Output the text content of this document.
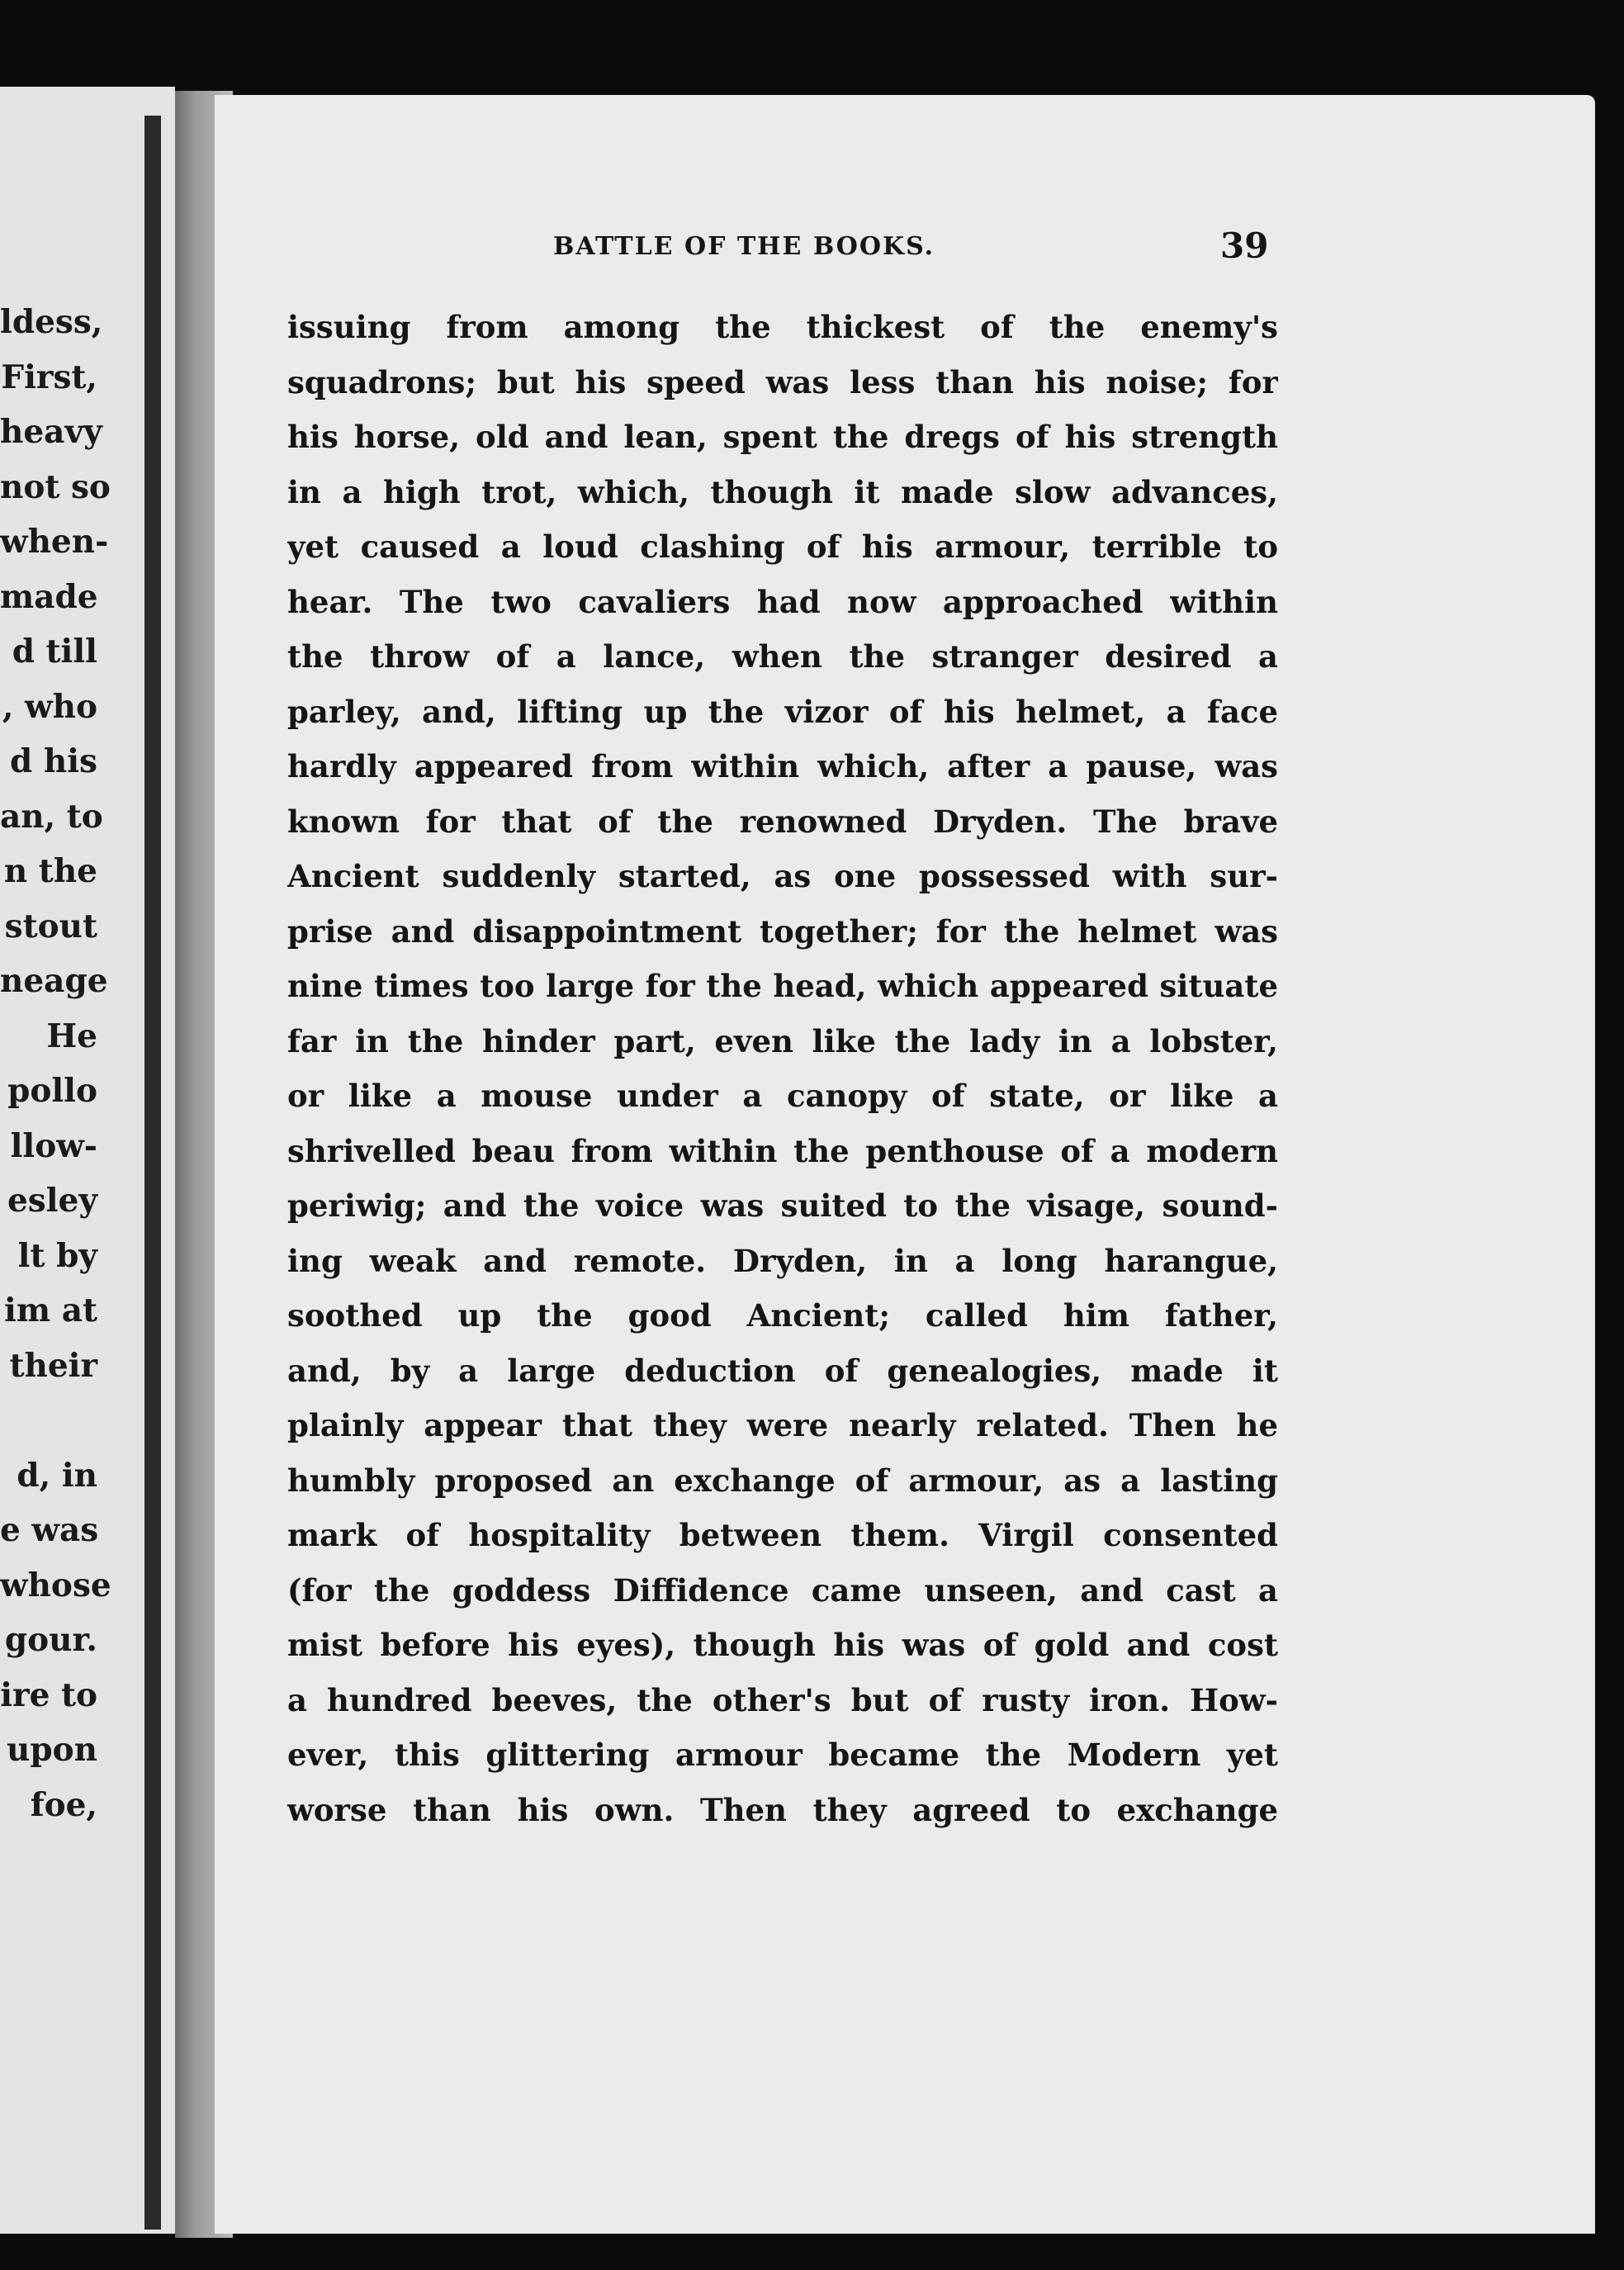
ldess,
First,
heavy
not so
when-
made
d till
, who
d his
an, to
n the
stout
neage
He
pollo
llow-
esley
lt by
im at
their
d, in
e was
whose
gour.
ire to
upon
foe,
BATTLE OF THE BOOKS.	39
issuing from among the thickest of the enemy's
squadrons; but his speed was less than his noise; for
his horse, old and lean, spent the dregs of his strength
in a high trot, which, though it made slow advances,
yet caused a loud clashing of his armour, terrible to
hear. The two cavaliers had now approached within
the throw of a lance, when the stranger desired a
parley, and, lifting up the vizor of his helmet, a face
hardly appeared from within which, after a pause, was
known for that of the renowned Dryden. The brave
Ancient suddenly started, as one possessed with sur-
prise and disappointment together; for the helmet was
nine times too large for the head, which appeared situate
far in the hinder part, even like the lady in a lobster,
or like a mouse under a canopy of state, or like a
shrivelled beau from within the penthouse of a modern
periwig; and the voice was suited to the visage, sound-
ing weak and remote. Dryden, in a long harangue,
soothed up the good Ancient; called him father,
and, by a large deduction of genealogies, made it
plainly appear that they were nearly related. Then he
humbly proposed an exchange of armour, as a lasting
mark of hospitality between them. Virgil consented
(for the goddess Diffidence came unseen, and cast a
mist before his eyes), though his was of gold and cost
a hundred beeves, the other's but of rusty iron. How-
ever, this glittering armour became the Modern yet
worse than his own. Then they agreed to exchange
